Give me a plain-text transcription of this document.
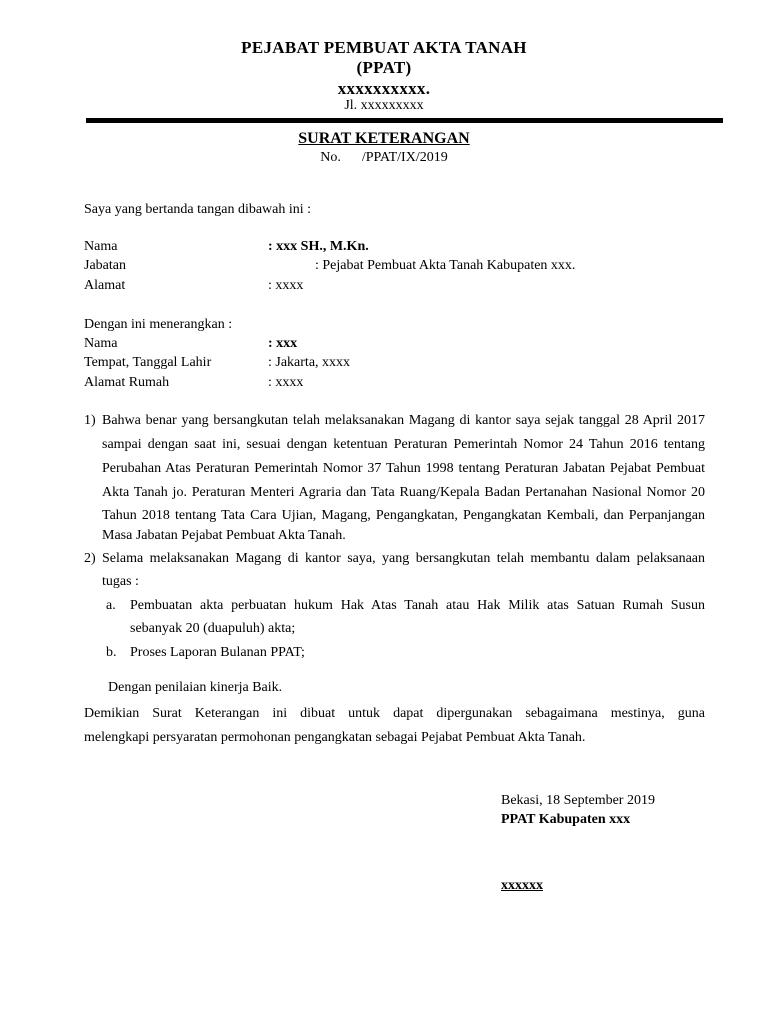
PEJABAT PEMBUAT AKTA TANAH
(PPAT)
xxxxxxxxxx.
Jl. xxxxxxxxx
SURAT KETERANGAN
No.      /PPAT/IX/2019
Saya yang bertanda tangan dibawah ini :
Nama	: xxx SH., M.Kn.
Jabatan	: Pejabat Pembuat Akta Tanah Kabupaten xxx.
Alamat	: xxxx
Dengan ini menerangkan :
Nama	: xxx
Tempat, Tanggal Lahir	: Jakarta, xxxx
Alamat Rumah	: xxxx
1) Bahwa benar yang bersangkutan telah melaksanakan Magang di kantor saya sejak tanggal 28 April 2017
sampai dengan saat ini, sesuai dengan ketentuan Peraturan Pemerintah Nomor 24 Tahun 2016 tentang
Perubahan Atas Peraturan Pemerintah Nomor 37 Tahun 1998 tentang Peraturan Jabatan Pejabat Pembuat
Akta Tanah jo. Peraturan Menteri Agraria dan Tata Ruang/Kepala Badan Pertanahan Nasional Nomor 20
Tahun 2018 tentang Tata Cara Ujian, Magang, Pengangkatan, Pengangkatan Kembali, dan Perpanjangan
Masa Jabatan Pejabat Pembuat Akta Tanah.
2) Selama melaksanakan Magang di kantor saya, yang bersangkutan telah membantu dalam pelaksanaan
tugas :
a. Pembuatan akta perbuatan hukum Hak Atas Tanah atau Hak Milik atas Satuan Rumah Susun
sebanyak 20 (duapuluh) akta;
b. Proses Laporan Bulanan PPAT;
Dengan penilaian kinerja Baik.
Demikian Surat Keterangan ini dibuat untuk dapat dipergunakan sebagaimana mestinya, guna
melengkapi persyaratan permohonan pengangkatan sebagai Pejabat Pembuat Akta Tanah.
Bekasi, 18 September 2019
PPAT Kabupaten xxx
xxxxxx
